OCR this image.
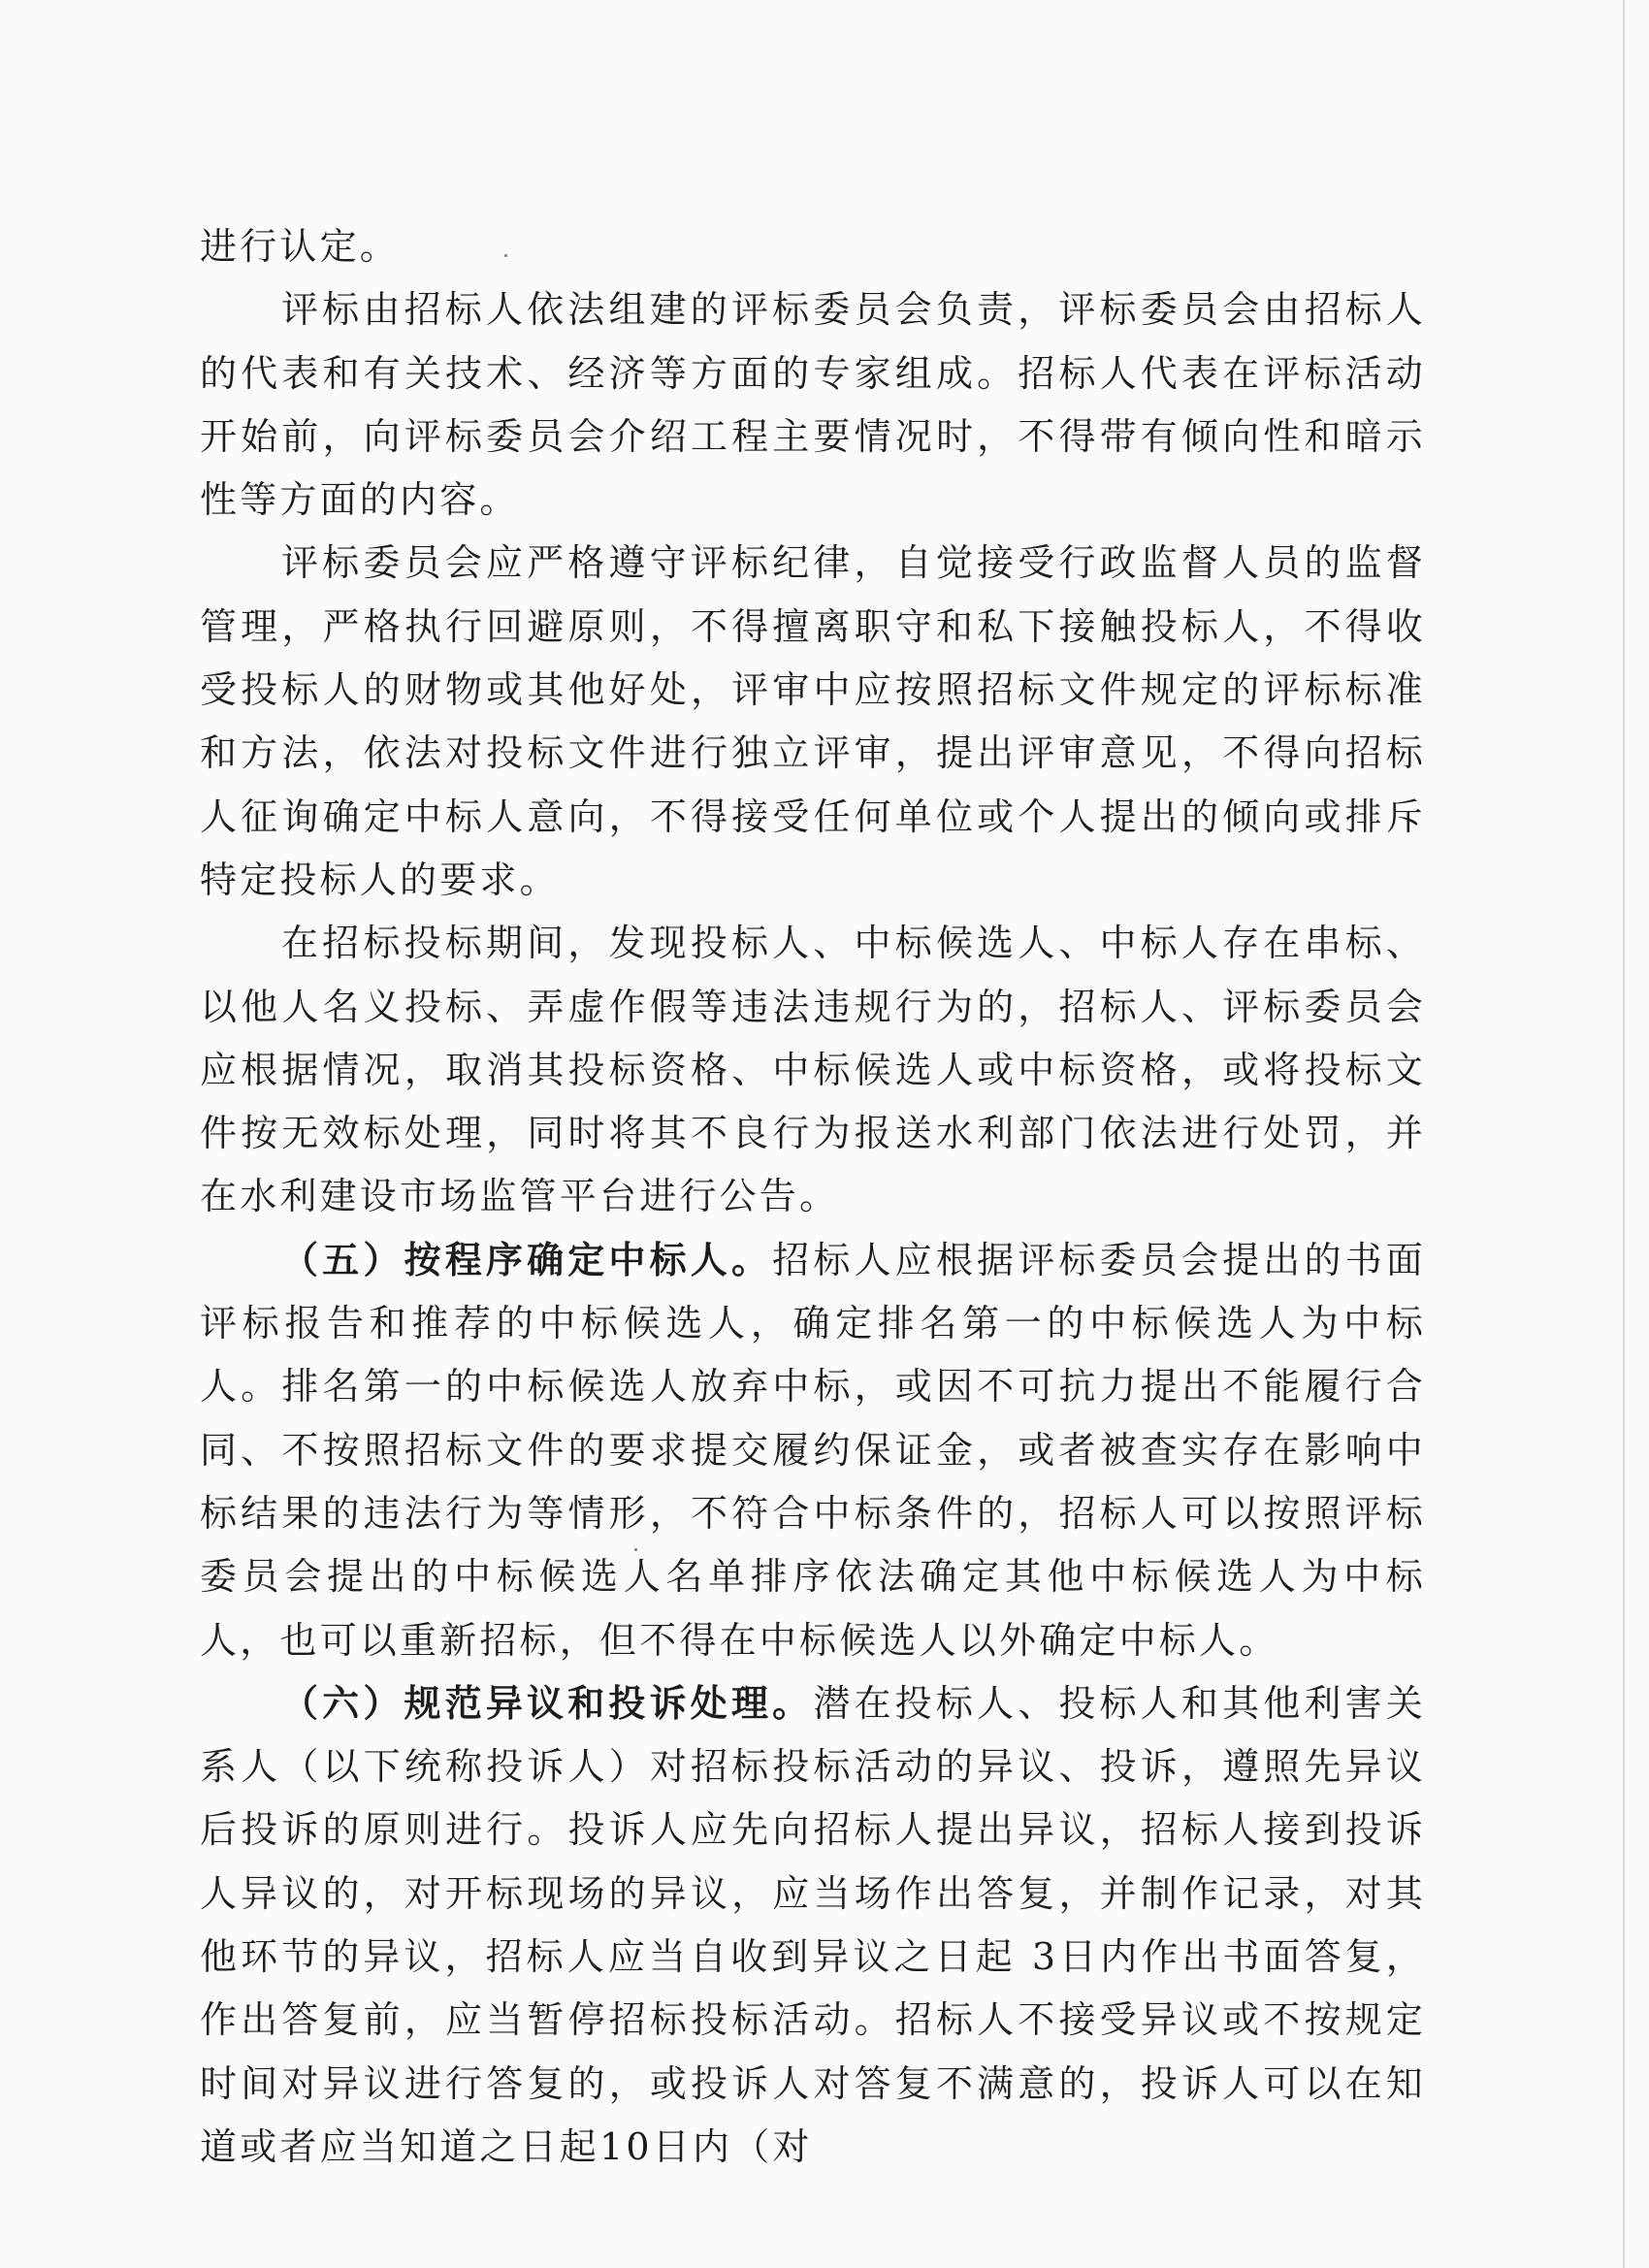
进行认定。

评标由招标人依法组建的评标委员会负责，评标委员会由招标人的代表和有关技术、经济等方面的专家组成。招标人代表在评标活动开始前，向评标委员会介绍工程主要情况时，不得带有倾向性和暗示性等方面的内容。

评标委员会应严格遵守评标纪律，自觉接受行政监督人员的监督管理，严格执行回避原则，不得擅离职守和私下接触投标人，不得收受投标人的财物或其他好处，评审中应按照招标文件规定的评标标准和方法，依法对投标文件进行独立评审，提出评审意见，不得向招标人征询确定中标人意向，不得接受任何单位或个人提出的倾向或排斥特定投标人的要求。

在招标投标期间，发现投标人、中标候选人、中标人存在串标、以他人名义投标、弄虚作假等违法违规行为的，招标人、评标委员会应根据情况，取消其投标资格、中标候选人或中标资格，或将投标文件按无效标处理，同时将其不良行为报送水利部门依法进行处罚，并在水利建设市场监管平台进行公告。

（五）按程序确定中标人。招标人应根据评标委员会提出的书面评标报告和推荐的中标候选人，确定排名第一的中标候选人为中标人。排名第一的中标候选人放弃中标，或因不可抗力提出不能履行合同、不按照招标文件的要求提交履约保证金，或者被查实存在影响中标结果的违法行为等情形，不符合中标条件的，招标人可以按照评标委员会提出的中标候选人名单排序依法确定其他中标候选人为中标人，也可以重新招标，但不得在中标候选人以外确定中标人。

（六）规范异议和投诉处理。潜在投标人、投标人和其他利害关系人（以下统称投诉人）对招标投标活动的异议、投诉，遵照先异议后投诉的原则进行。投诉人应先向招标人提出异议，招标人接到投诉人异议的，对开标现场的异议，应当场作出答复，并制作记录，对其他环节的异议，招标人应当自收到异议之日起 3日内作出书面答复，作出答复前，应当暂停招标投标活动。招标人不接受异议或不按规定时间对异议进行答复的，或投诉人对答复不满意的，投诉人可以在知道或者应当知道之日起10日内（对
